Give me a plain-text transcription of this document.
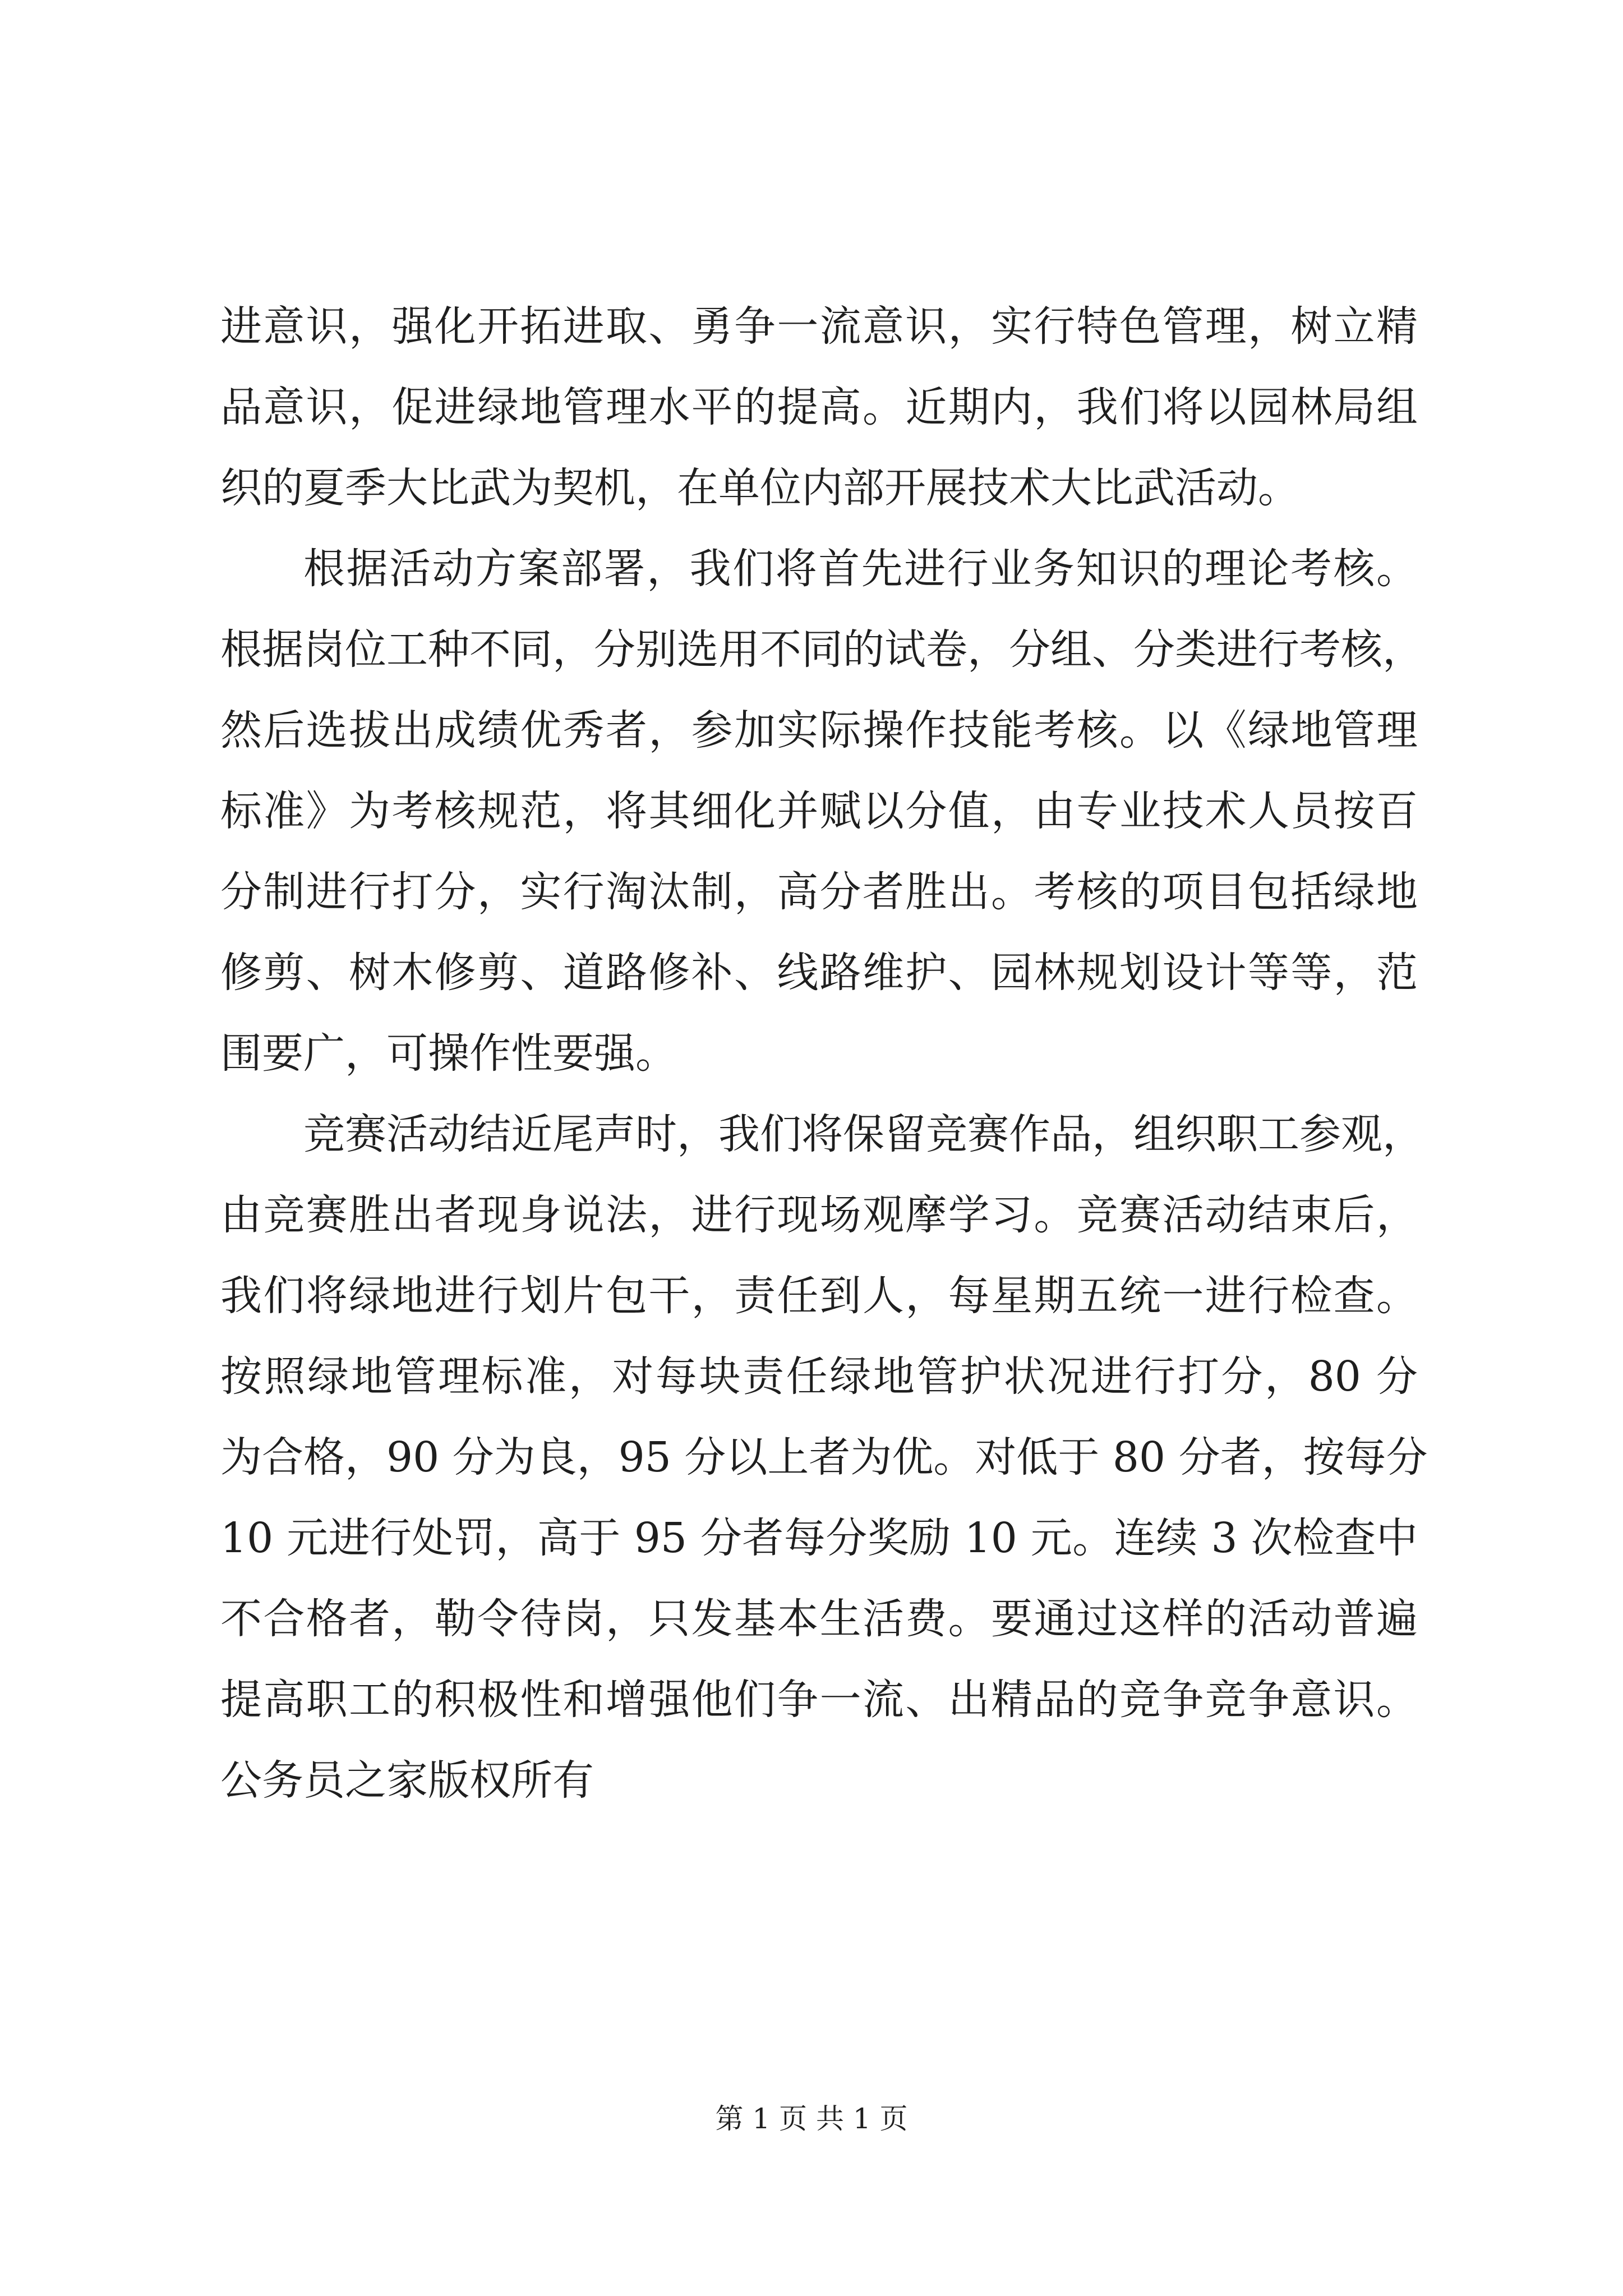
进意识，强化开拓进取、勇争一流意识，实行特色管理，树立精
品意识，促进绿地管理水平的提高。近期内，我们将以园林局组
织的夏季大比武为契机，在单位内部开展技术大比武活动。
根据活动方案部署，我们将首先进行业务知识的理论考核。
根据岗位工种不同，分别选用不同的试卷，分组、分类进行考核，
然后选拔出成绩优秀者，参加实际操作技能考核。以《绿地管理
标准》为考核规范，将其细化并赋以分值，由专业技术人员按百
分制进行打分，实行淘汰制，高分者胜出。考核的项目包括绿地
修剪、树木修剪、道路修补、线路维护、园林规划设计等等，范
围要广，可操作性要强。
竞赛活动结近尾声时，我们将保留竞赛作品，组织职工参观，
由竞赛胜出者现身说法，进行现场观摩学习。竞赛活动结束后，
我们将绿地进行划片包干，责任到人，每星期五统一进行检查。
按照绿地管理标准，对每块责任绿地管护状况进行打分，80 分
为合格，90 分为良，95 分以上者为优。对低于 80 分者，按每分
10 元进行处罚，高于 95 分者每分奖励 10 元。连续 3 次检查中
不合格者，勒令待岗，只发基本生活费。要通过这样的活动普遍
提高职工的积极性和增强他们争一流、出精品的竞争竞争意识。
公务员之家版权所有
第 1 页 共 1 页
